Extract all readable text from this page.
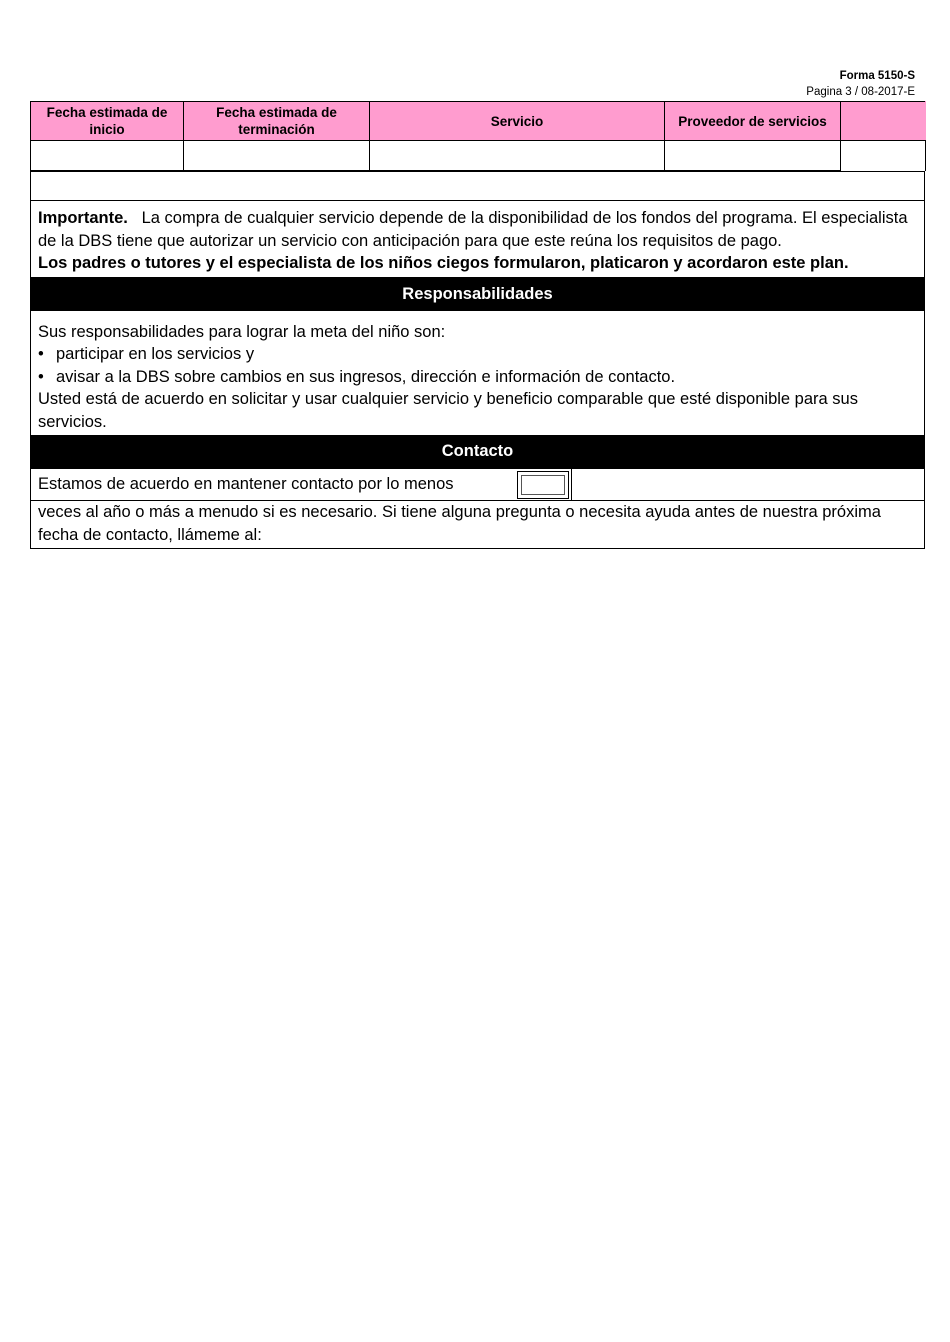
Forma 5150-S
Pagina 3 / 08-2017-E
Fecha estimada de inicio	Fecha estimada de terminación	Servicio	Proveedor de servicios	

Importante. La compra de cualquier servicio depende de la disponibilidad de los fondos del programa. El especialista de la DBS tiene que autorizar un servicio con anticipación para que este reúna los requisitos de pago.
Los padres o tutores y el especialista de los niños ciegos formularon, platicaron y acordaron este plan.
Responsabilidades
Sus responsabilidades para lograr la meta del niño son:
• participar en los servicios y
• avisar a la DBS sobre cambios en sus ingresos, dirección e información de contacto.
Usted está de acuerdo en solicitar y usar cualquier servicio y beneficio comparable que esté disponible para sus servicios.
Contacto
Estamos de acuerdo en mantener contacto por lo menos
veces al año o más a menudo si es necesario. Si tiene alguna pregunta o necesita ayuda antes de nuestra próxima fecha de contacto, llámeme al:
